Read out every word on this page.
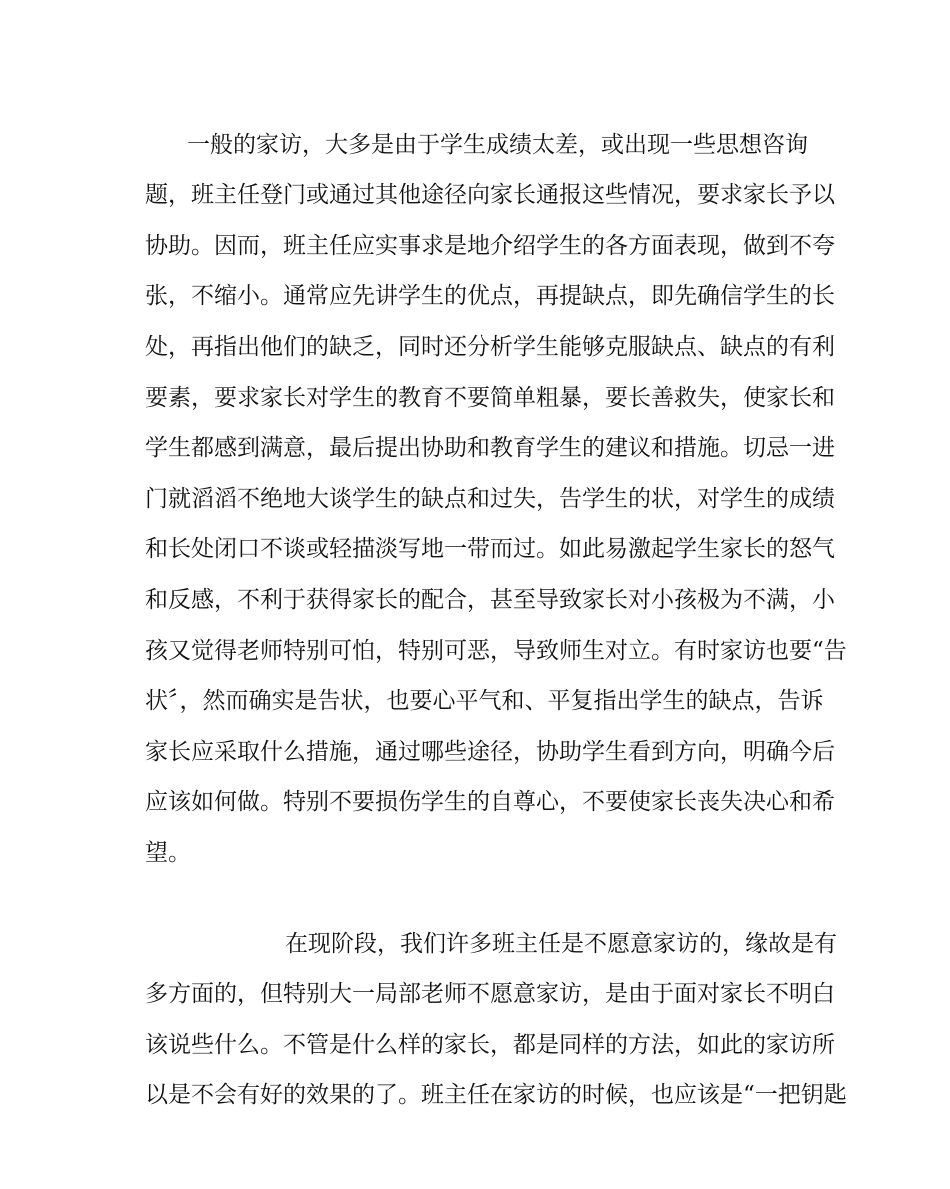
一般的家访，大多是由于学生成绩太差，或出现一些思想咨询

题，班主任登门或通过其他途径向家长通报这些情况，要求家长予以

协助。因而，班主任应实事求是地介绍学生的各方面表现，做到不夸

张，不缩小。通常应先讲学生的优点，再提缺点，即先确信学生的长

处，再指出他们的缺乏，同时还分析学生能够克服缺点、缺点的有利

要素，要求家长对学生的教育不要简单粗暴，要长善救失，使家长和

学生都感到满意，最后提出协助和教育学生的建议和措施。切忌一进

门就滔滔不绝地大谈学生的缺点和过失，告学生的状，对学生的成绩

和长处闭口不谈或轻描淡写地一带而过。如此易激起学生家长的怒气

和反感，不利于获得家长的配合，甚至导致家长对小孩极为不满，小

孩又觉得老师特别可怕，特别可恶，导致师生对立。有时家访也要“告

状〞，然而确实是告状，也要心平气和、平复指出学生的缺点，告诉

家长应采取什么措施，通过哪些途径，协助学生看到方向，明确今后

应该如何做。特别不要损伤学生的自尊心，不要使家长丧失决心和希

望。

在现阶段，我们许多班主任是不愿意家访的，缘故是有

多方面的，但特别大一局部老师不愿意家访，是由于面对家长不明白

该说些什么。不管是什么样的家长，都是同样的方法，如此的家访所

以是不会有好的效果的了。班主任在家访的时候，也应该是“一把钥匙
